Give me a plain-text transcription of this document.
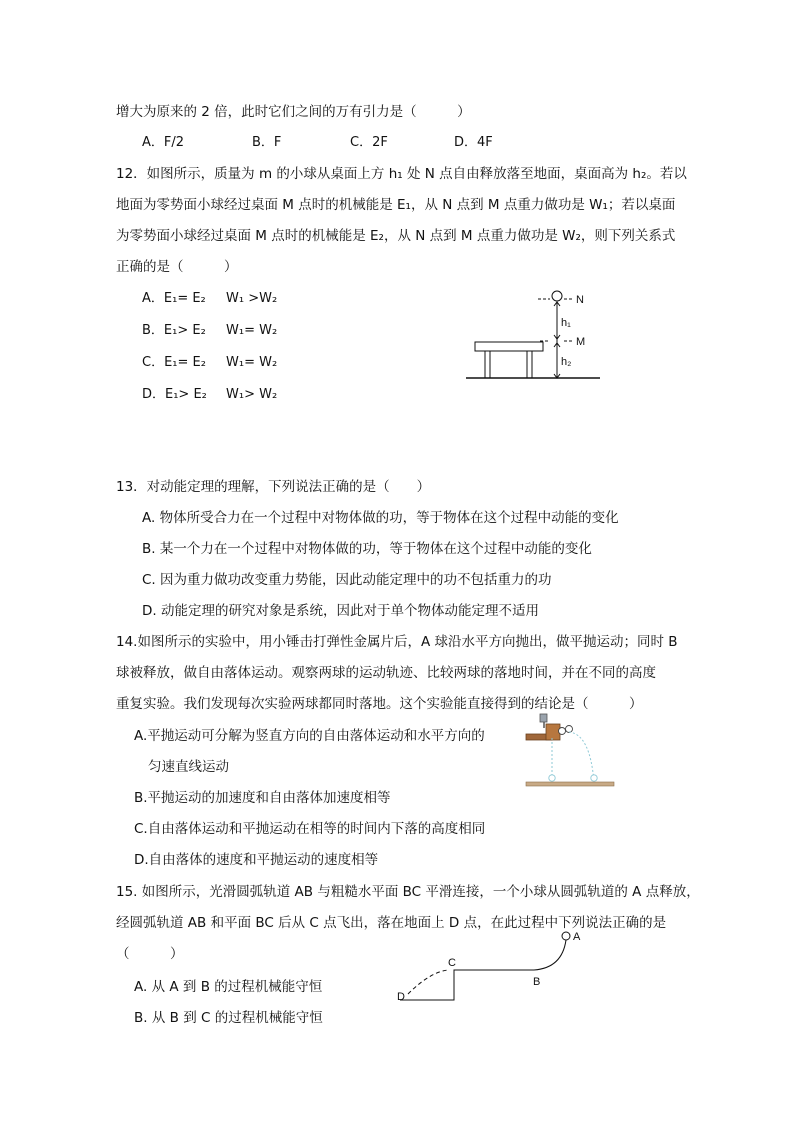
增大为原来的 2 倍，此时它们之间的万有引力是（　　　）
A．F/2	B．F	C．2F	D．4F
12．如图所示，质量为 m 的小球从桌面上方 h₁ 处 N 点自由释放落至地面，桌面高为 h₂。若以
地面为零势面小球经过桌面 M 点时的机械能是 E₁，从 N 点到 M 点重力做功是 W₁；若以桌面
为零势面小球经过桌面 M 点时的机械能是 E₂，从 N 点到 M 点重力做功是 W₂，则下列关系式
正确的是（　　　）
A．E₁= E₂ W₁ >W₂
B．E₁> E₂ W₁= W₂
C．E₁= E₂ W₁= W₂
D．E₁> E₂ W₁> W₂
N
h₁
h₂
M
13．对动能定理的理解，下列说法正确的是（　　）
A. 物体所受合力在一个过程中对物体做的功，等于物体在这个过程中动能的变化
B. 某一个力在一个过程中对物体做的功，等于物体在这个过程中动能的变化
C. 因为重力做功改变重力势能，因此动能定理中的功不包括重力的功
D. 动能定理的研究对象是系统，因此对于单个物体动能定理不适用
14.如图所示的实验中，用小锤击打弹性金属片后，A 球沿水平方向抛出，做平抛运动；同时 B
球被释放，做自由落体运动。观察两球的运动轨迹、比较两球的落地时间，并在不同的高度
重复实验。我们发现每次实验两球都同时落地。这个实验能直接得到的结论是（　　　）
A.平抛运动可分解为竖直方向的自由落体运动和水平方向的
匀速直线运动
B.平抛运动的加速度和自由落体加速度相等
C.自由落体运动和平抛运动在相等的时间内下落的高度相同
D.自由落体的速度和平抛运动的速度相等
15. 如图所示，光滑圆弧轨道 AB 与粗糙水平面 BC 平滑连接，一个小球从圆弧轨道的 A 点释放，
经圆弧轨道 AB 和平面 BC 后从 C 点飞出，落在地面上 D 点，在此过程中下列说法正确的是
（　　　）
A. 从 A 到 B 的过程机械能守恒
B. 从 B 到 C 的过程机械能守恒
D
C
A
B
